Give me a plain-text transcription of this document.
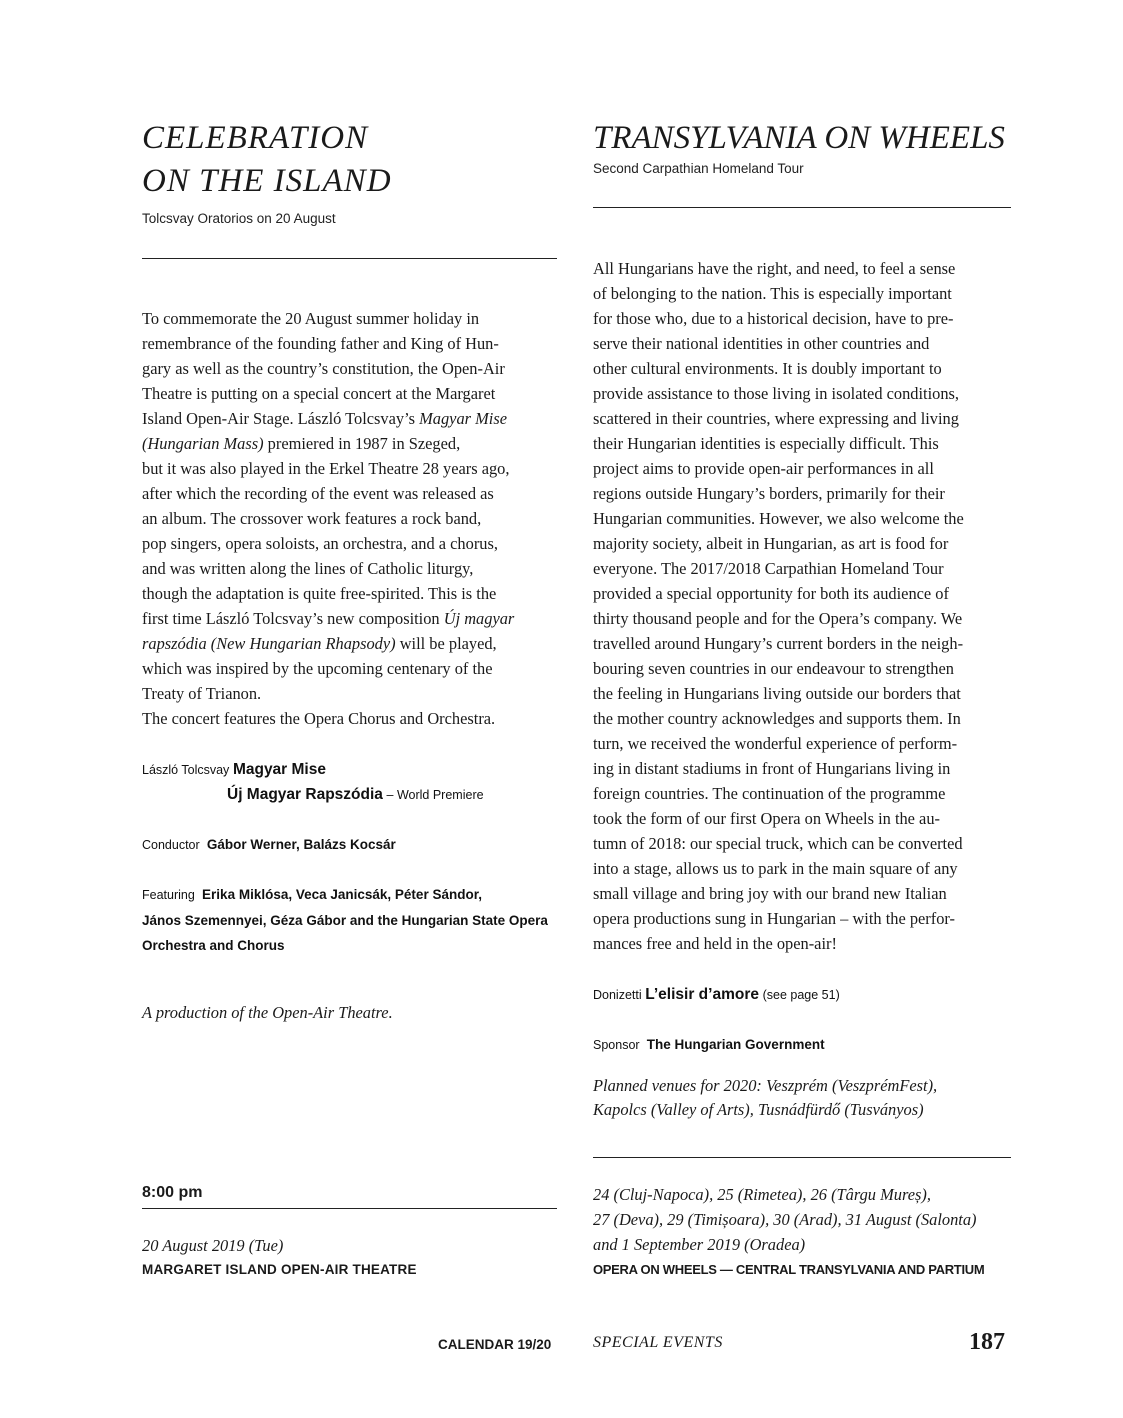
CELEBRATION
ON THE ISLAND
Tolcsvay Oratorios on 20 August
To commemorate the 20 August summer holiday in
remembrance of the founding father and King of Hun-
gary as well as the country’s constitution, the Open-Air
Theatre is putting on a special concert at the Margaret
Island Open-Air Stage. László Tolcsvay’s Magyar Mise
(Hungarian Mass) premiered in 1987 in Szeged,
but it was also played in the Erkel Theatre 28 years ago,
after which the recording of the event was released as
an album. The crossover work features a rock band,
pop singers, opera soloists, an orchestra, and a chorus,
and was written along the lines of Catholic liturgy,
though the adaptation is quite free-spirited. This is the
first time László Tolcsvay’s new composition Új magyar
rapszódia (New Hungarian Rhapsody) will be played,
which was inspired by the upcoming centenary of the
Treaty of Trianon.
The concert features the Opera Chorus and Orchestra.
László Tolcsvay Magyar Mise
Új Magyar Rapszódia – World Premiere
Conductor Gábor Werner, Balázs Kocsár
Featuring Erika Miklósa, Veca Janicsák, Péter Sándor,
János Szemennyei, Géza Gábor and the Hungarian State Opera
Orchestra and Chorus
A production of the Open-Air Theatre.
8:00 pm
20 August 2019 (Tue)
MARGARET ISLAND OPEN-AIR THEATRE
TRANSYLVANIA ON WHEELS
Second Carpathian Homeland Tour
All Hungarians have the right, and need, to feel a sense
of belonging to the nation. This is especially important
for those who, due to a historical decision, have to pre-
serve their national identities in other countries and
other cultural environments. It is doubly important to
provide assistance to those living in isolated conditions,
scattered in their countries, where expressing and living
their Hungarian identities is especially difficult. This
project aims to provide open-air performances in all
regions outside Hungary’s borders, primarily for their
Hungarian communities. However, we also welcome the
majority society, albeit in Hungarian, as art is food for
everyone. The 2017/2018 Carpathian Homeland Tour
provided a special opportunity for both its audience of
thirty thousand people and for the Opera’s company. We
travelled around Hungary’s current borders in the neigh-
bouring seven countries in our endeavour to strengthen
the feeling in Hungarians living outside our borders that
the mother country acknowledges and supports them. In
turn, we received the wonderful experience of perform-
ing in distant stadiums in front of Hungarians living in
foreign countries. The continuation of the programme
took the form of our first Opera on Wheels in the au-
tumn of 2018: our special truck, which can be converted
into a stage, allows us to park in the main square of any
small village and bring joy with our brand new Italian
opera productions sung in Hungarian – with the perfor-
mances free and held in the open-air!
Donizetti L’elisir d’amore (see page 51)
Sponsor The Hungarian Government
Planned venues for 2020: Veszprém (VeszprémFest),
Kapolcs (Valley of Arts), Tusnádfürdő (Tusványos)
24 (Cluj-Napoca), 25 (Rimetea), 26 (Târgu Mureș),
27 (Deva), 29 (Timișoara), 30 (Arad), 31 August (Salonta)
and 1 September 2019 (Oradea)
OPERA ON WHEELS — CENTRAL TRANSYLVANIA AND PARTIUM
CALENDAR 19/20	SPECIAL EVENTS	187
